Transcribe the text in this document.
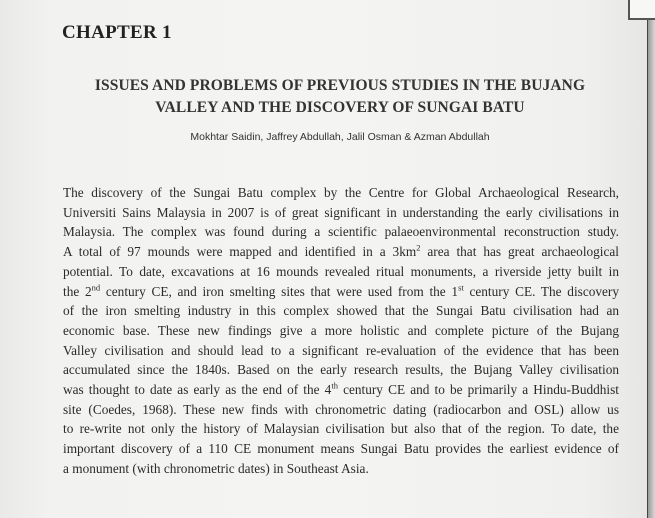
CHAPTER 1
ISSUES AND PROBLEMS OF PREVIOUS STUDIES IN THE BUJANG
VALLEY AND THE DISCOVERY OF SUNGAI BATU
Mokhtar Saidin, Jaffrey Abdullah, Jalil Osman & Azman Abdullah
The discovery of the Sungai Batu complex by the Centre for Global Archaeological Research,
Universiti Sains Malaysia in 2007 is of great significant in understanding the early civilisations in
Malaysia. The complex was found during a scientific palaeoenvironmental reconstruction study.
A total of 97 mounds were mapped and identified in a $3km^2$ area that has great archaeological
potential. To date, excavations at 16 mounds revealed ritual monuments, a riverside jetty built in
the 2nd century CE, and iron smelting sites that were used from the 1st century CE. The discovery
of the iron smelting industry in this complex showed that the Sungai Batu civilisation had an
economic base. These new findings give a more holistic and complete picture of the Bujang
Valley civilisation and should lead to a significant re-evaluation of the evidence that has been
accumulated since the 1840s. Based on the early research results, the Bujang Valley civilisation
was thought to date as early as the end of the 4th century CE and to be primarily a Hindu-Buddhist
site (Coedes, 1968). These new finds with chronometric dating (radiocarbon and OSL) allow us
to re-write not only the history of Malaysian civilisation but also that of the region. To date, the
important discovery of a 110 CE monument means Sungai Batu provides the earliest evidence of
a monument (with chronometric dates) in Southeast Asia.
